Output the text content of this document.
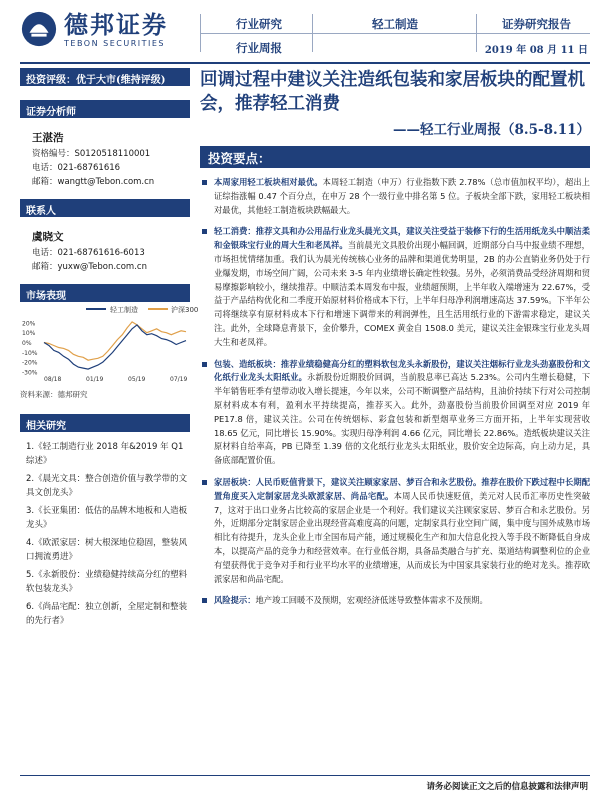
德邦证券
TEBON SECURITIES
行业研究
行业周报
轻工制造	证券研究报告
2019 年 08 月 11 日
投资评级：优于大市(维持评级)
证券分析师
王湛浩
资格编号：S0120518110001
电话：021-68761616
邮箱：wangtt@Tebon.com.cn
联系人
虞晓文
电话：021-68761616-6013
邮箱：yuxw@Tebon.com.cn
市场表现
轻工制造	沪深300
20%
10%
0%
-10%
-20%
-30%
08/18	01/19	05/19	07/19
资料来源：德邦研究
相关研究
1.《轻工制造行业 2018 年&2019 年 Q1 综述》
2.《晨光文具：整合创造价值与教学带的文具文创龙头》
3.《长亚集团：低估的品牌木地板和人造板龙头》
4.《欧派家居：树大根深地位稳固，整装风口拥流勇进》
5.《永新股份：业绩稳健持续高分红的塑料软包装龙头》
6.《尚品宅配：独立创新，全屋定制和整装的先行者》
回调过程中建议关注造纸包装和家居板块的配置机会，推荐轻工消费
——轻工行业周报（8.5-8.11）
投资要点：
本周家用轻工板块相对最优。本周轻工制造（申万）行业指数下跌 2.78%（总市值加权平均），超出上证综指涨幅 0.47 个百分点，在申万 28 个一级行业中排名第 5 位。子板块全部下跌，家用轻工板块相对最优，其他轻工制造板块跌幅最大。
轻工消费：推荐文具和办公用品行业龙头晨光文具，建议关注受益于装修下行的生活用纸龙头中顺洁柔和金银珠宝行业的周大生和老凤祥。当前晨光文具股价出现小幅回调，近期部分白马中报业绩不理想，市场担忧情绪加重。我们认为晨光传统核心业务的品牌和渠道优势明显，2B 的办公直销业务仍处于行业爆发期，市场空间广阔，公司未来 3-5 年内业绩增长确定性较强。另外，必须消费品受经济周期和贸易摩擦影响较小，继续推荐。中顺洁柔本周发布中报，业绩超预期，上半年收入端增速为 22.67%，受益于产品结构优化和二季度开始原材料价格成本下行，上半年归母净利润增速高达 37.59%。下半年公司将继续享有原材料成本下行和增速下调带来的利润弹性，且生活用纸行业的下游需求稳定，建议关注。此外，全球降息背景下，金价攀升，COMEX 黄金自 1508.0 美元，建议关注金银珠宝行业龙头周大生和老凤祥。
包装、造纸板块：推荐业绩稳健高分红的塑料软包龙头永新股份，建议关注烟标行业龙头劲嘉股份和文化纸行业龙头太阳纸业。永新股份近期股价回调，当前股息率已高达 5.23%。公司内生增长稳健，下半年销售旺季有望带动收入增长提速，今年以来，公司不断调整产品结构，且油价持续下行对公司控制原材料成本有利，盈利水平持续提高，推荐买入。此外，劲嘉股份当前股价回调至对应 2019 年 PE17.8 倍，建议关注。公司在传统烟标、彩盒包装和新型烟草业务三方面开拓，上半年实现营收 18.65 亿元，同比增长 15.90%。实现归母净利润 4.66 亿元，同比增长 22.86%。造纸板块建议关注原材料自给率高，PB 已降至 1.39 倍的文化纸行业龙头太阳纸业，股价安全边际高，向上动力足，具备底部配置价值。
家居板块：人民币贬值背景下，建议关注顾家家居、梦百合和永艺股份。推荐在股价下跌过程中长期配置角度买入定制家居龙头欧派家居、尚品宅配。本周人民币快速贬值，美元对人民币汇率历史性突破 7，这对于出口业务占比较高的家居企业是一个利好。我们建议关注顾家家居、梦百合和永艺股份。另外，近期部分定制家居企业出现经营高难度高的问题，定制家具行业空间广阔，集中度与国外成熟市场相比有待提升，龙头企业上市全国布局产能，通过规模化生产和加大信息化投入等手段不断降低自身成本，以提高产品的竞争力和经营效率。在行业低谷期，具备品类融合与扩充、渠道结构调整利位的企业有望获得优于竞争对手和行业平均水平的业绩增速，从而成长为中国家具家装行业的绝对龙头。推荐欧派家居和尚品宅配。
风险提示：地产竣工回暖不及预期，宏观经济低迷导致整体需求不及预期。
请务必阅读正文之后的信息披露和法律声明
